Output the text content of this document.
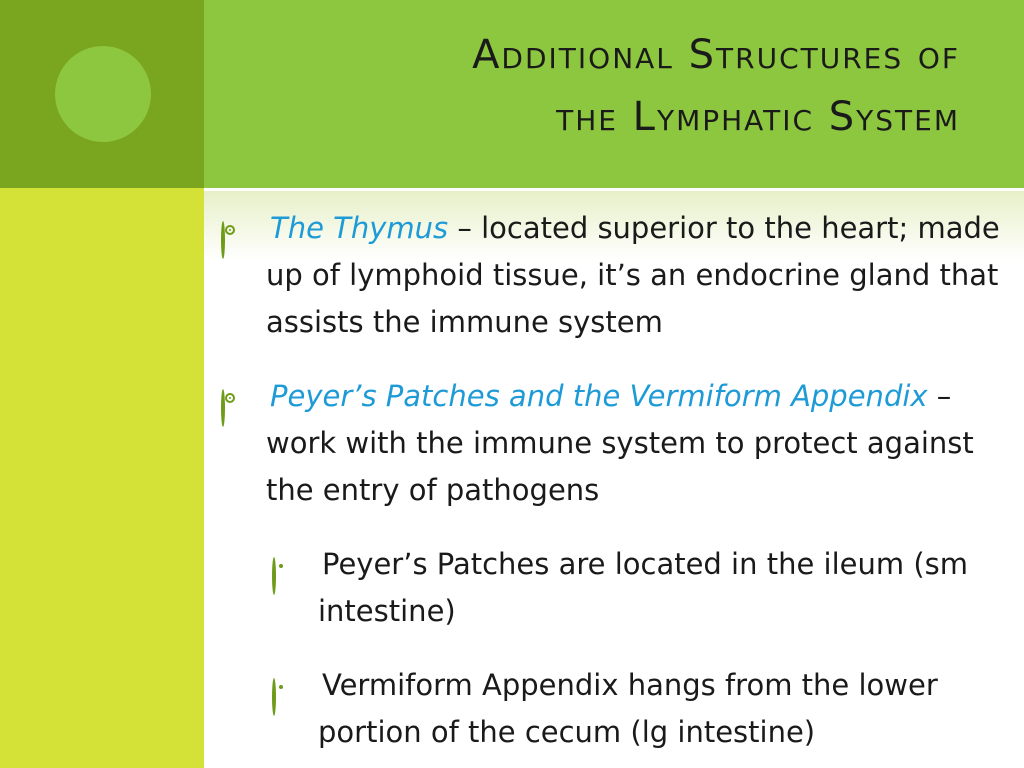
Additional Structures of
the Lymphatic System
The Thymus – located superior to the heart; made up of lymphoid tissue, it’s an endocrine gland that assists the immune system
Peyer’s Patches and the Vermiform Appendix – work with the immune system to protect against the entry of pathogens
Peyer’s Patches are located in the ileum (sm intestine)
Vermiform Appendix hangs from the lower portion of the cecum (lg intestine)
